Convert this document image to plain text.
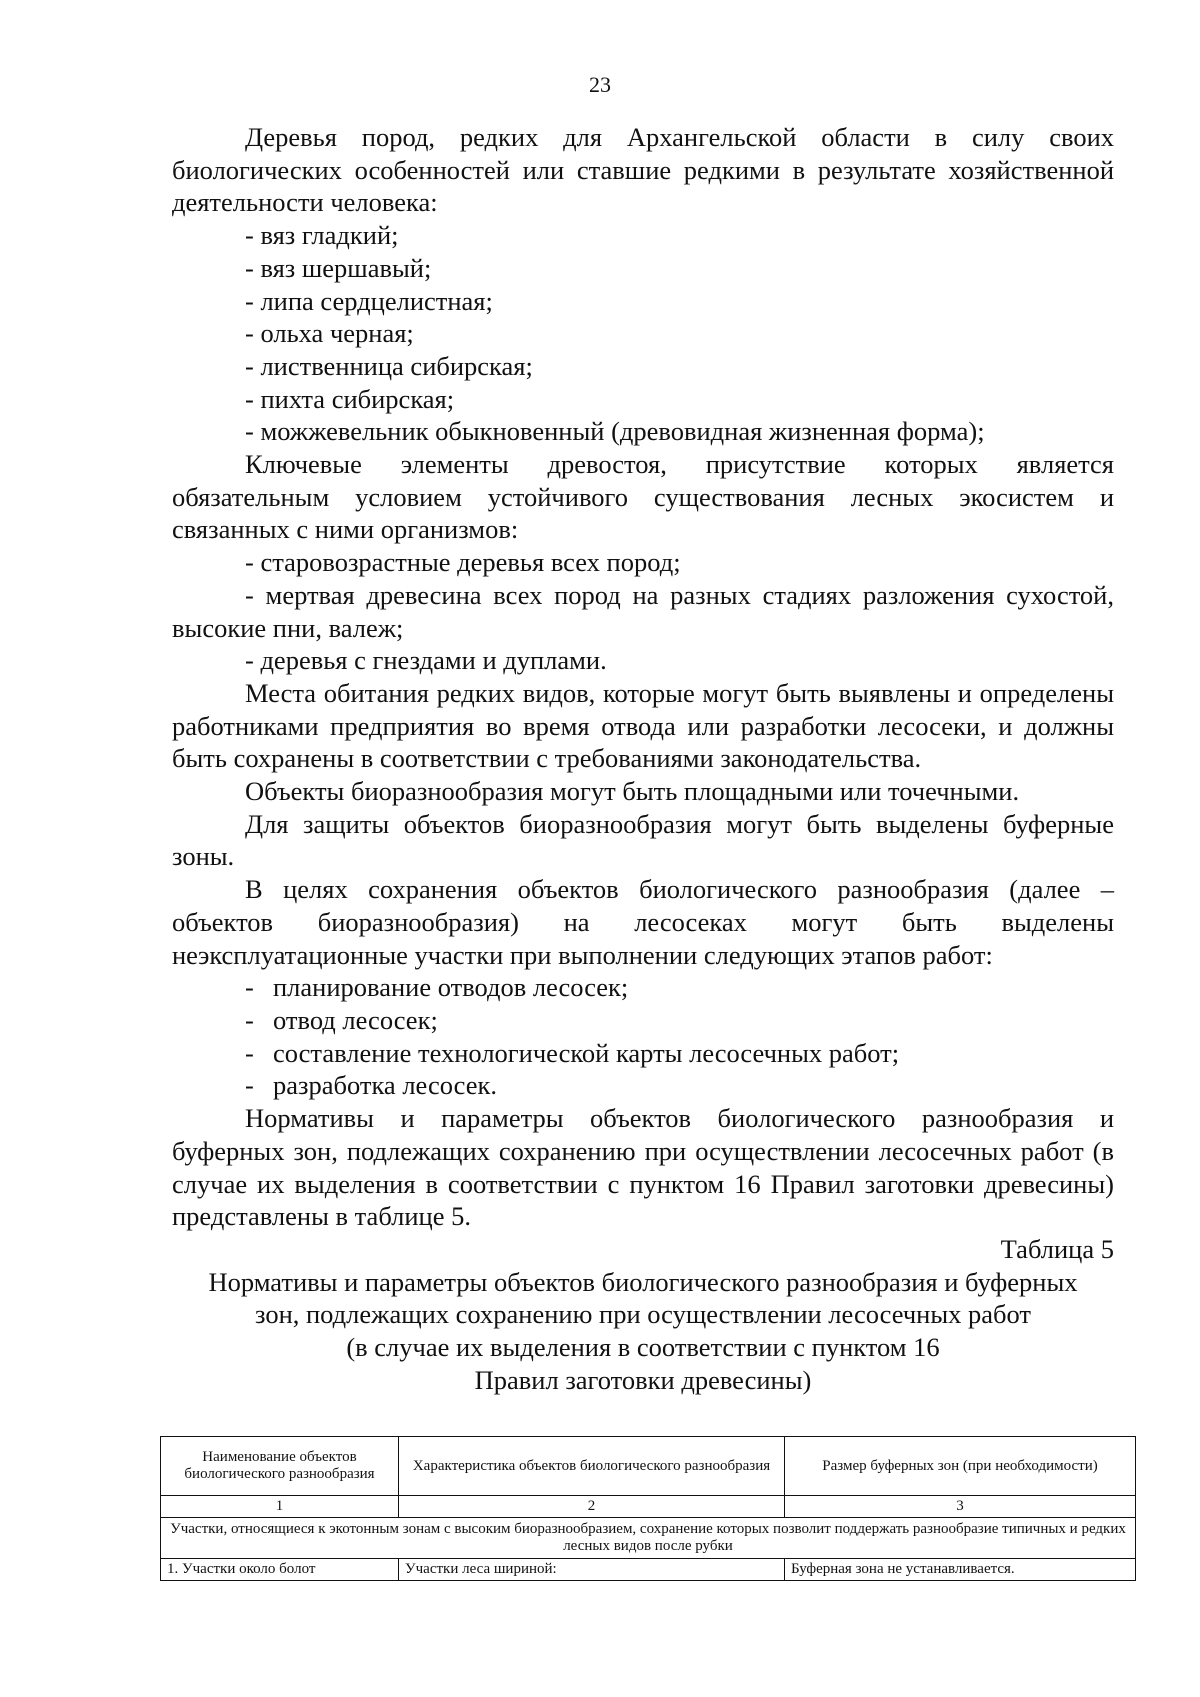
23

Деревья пород, редких для Архангельской области в силу своих биологических особенностей или ставшие редкими в результате хозяйственной деятельности человека:

- вяз гладкий;

- вяз шершавый;

- липа сердцелистная;

- ольха черная;

- лиственница сибирская;

- пихта сибирская;

- можжевельник обыкновенный (древовидная жизненная форма);

Ключевые элементы древостоя, присутствие которых является обязательным условием устойчивого существования лесных экосистем и связанных с ними организмов:

- старовозрастные деревья всех пород;

- мертвая древесина всех пород на разных стадиях разложения сухостой, высокие пни, валеж;

- деревья с гнездами и дуплами.

Места обитания редких видов, которые могут быть выявлены и определены работниками предприятия во время отвода или разработки лесосеки, и должны быть сохранены в соответствии с требованиями законодательства.

Объекты биоразнообразия могут быть площадными или точечными.

Для защиты объектов биоразнообразия могут быть выделены буферные зоны.

В целях сохранения объектов биологического разнообразия (далее – объектов биоразнообразия) на лесосеках могут быть выделены неэксплуатационные участки при выполнении следующих этапов работ:

- планирование отводов лесосек;

- отвод лесосек;

- составление технологической карты лесосечных работ;

- разработка лесосек.

Нормативы и параметры объектов биологического разнообразия и буферных зон, подлежащих сохранению при осуществлении лесосечных работ (в случае их выделения в соответствии с пунктом 16 Правил заготовки древесины) представлены в таблице 5.

Таблица 5

Нормативы и параметры объектов биологического разнообразия и буферных

зон, подлежащих сохранению при осуществлении лесосечных работ

(в случае их выделения в соответствии с пунктом 16

Правил заготовки древесины)

Наименование объектов биологического разнообразия	Характеристика объектов биологического разнообразия	Размер буферных зон (при необходимости)
1	2	3
Участки, относящиеся к экотонным зонам с высоким биоразнообразием, сохранение которых позволит поддержать разнообразие типичных и редких лесных видов после рубки		
1. Участки около болот	Участки леса шириной:	Буферная зона не устанавливается.
